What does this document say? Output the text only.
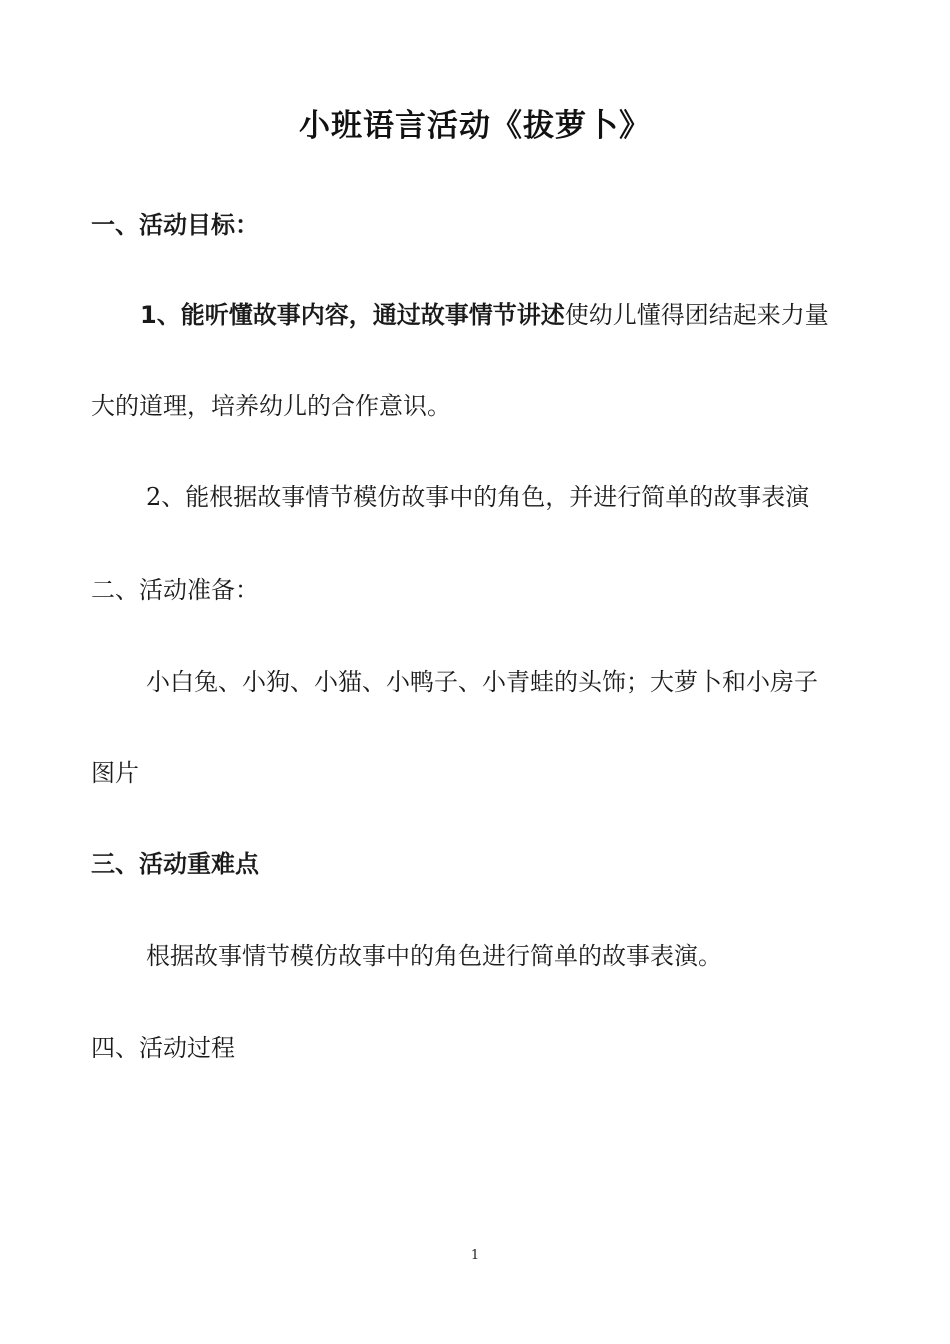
小班语言活动《拔萝卜》

一、活动目标：

1、能听懂故事内容，通过故事情节讲述使幼儿懂得团结起来力量

大的道理，培养幼儿的合作意识。

2、能根据故事情节模仿故事中的角色，并进行简单的故事表演

二、活动准备：

小白兔、小狗、小猫、小鸭子、小青蛙的头饰；大萝卜和小房子

图片

三、活动重难点

根据故事情节模仿故事中的角色进行简单的故事表演。

四、活动过程

1
